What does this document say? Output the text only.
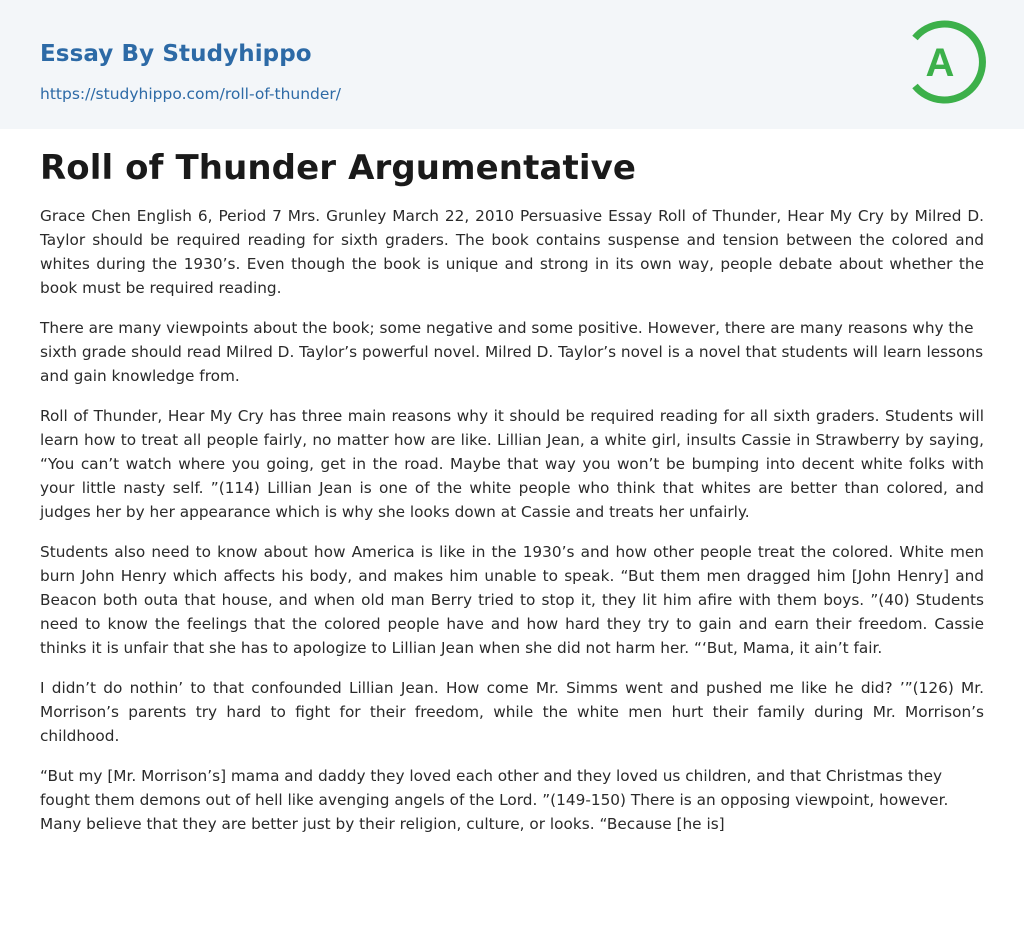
Essay By Studyhippo
https://studyhippo.com/roll-of-thunder/
A
Roll of Thunder Argumentative

Grace Chen English 6, Period 7 Mrs. Grunley March 22, 2010 Persuasive Essay Roll of Thunder, Hear My Cry by Milred D. Taylor should be required reading for sixth graders. The book contains suspense and tension between the colored and whites during the 1930’s. Even though the book is unique and strong in its own way, people debate about whether the book must be required reading.

There are many viewpoints about the book; some negative and some positive. However, there are many reasons why the sixth grade should read Milred D. Taylor’s powerful novel. Milred D. Taylor’s novel is a novel that students will learn lessons and gain knowledge from.

Roll of Thunder, Hear My Cry has three main reasons why it should be required reading for all sixth graders. Students will learn how to treat all people fairly, no matter how are like. Lillian Jean, a white girl, insults Cassie in Strawberry by saying, “You can’t watch where you going, get in the road. Maybe that way you won’t be bumping into decent white folks with your little nasty self. ”(114) Lillian Jean is one of the white people who think that whites are better than colored, and judges her by her appearance which is why she looks down at Cassie and treats her unfairly.

Students also need to know about how America is like in the 1930’s and how other people treat the colored. White men burn John Henry which affects his body, and makes him unable to speak. “But them men dragged him [John Henry] and Beacon both outa that house, and when old man Berry tried to stop it, they lit him afire with them boys. ”(40) Students need to know the feelings that the colored people have and how hard they try to gain and earn their freedom. Cassie thinks it is unfair that she has to apologize to Lillian Jean when she did not harm her. “‘But, Mama, it ain’t fair.

I didn’t do nothin’ to that confounded Lillian Jean. How come Mr. Simms went and pushed me like he did? ’”(126) Mr. Morrison’s parents try hard to fight for their freedom, while the white men hurt their family during Mr. Morrison’s childhood.

“But my [Mr. Morrison’s] mama and daddy they loved each other and they loved us children, and that Christmas they fought them demons out of hell like avenging angels of the Lord. ”(149-150) There is an opposing viewpoint, however. Many believe that they are better just by their religion, culture, or looks. “Because [he is]
